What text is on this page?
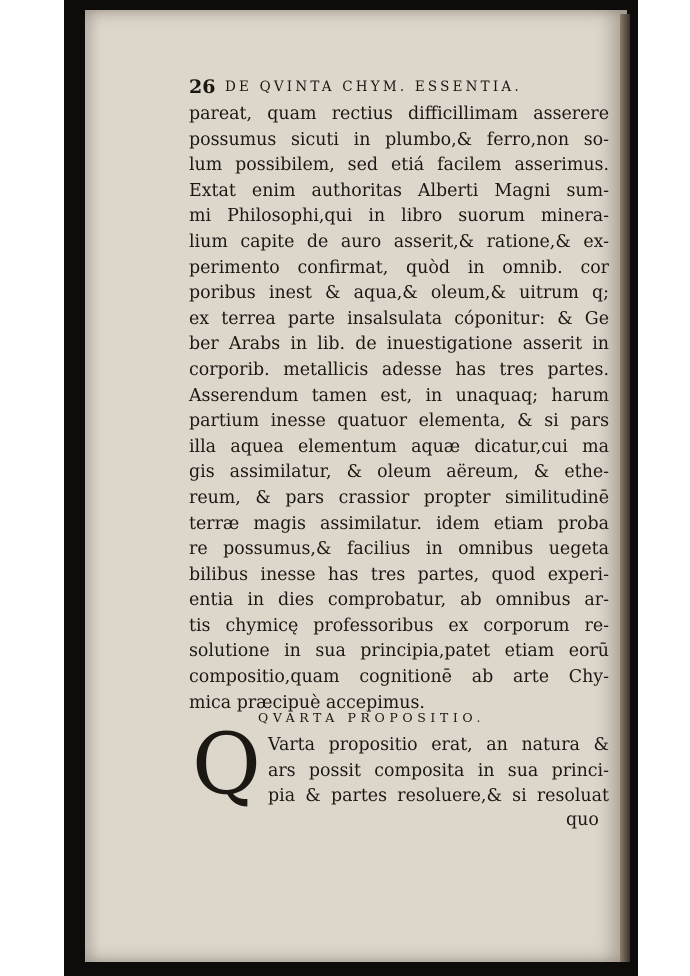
26 DE QVINTA CHYM. ESSENTIA.
pareat, quam rectius difficillimam asserere
possumus sicuti in plumbo,& ferro,non so-
lum possibilem, sed etiá facilem asserimus.
Extat enim authoritas Alberti Magni sum-
mi Philosophi,qui in libro suorum minera-
lium capite de auro asserit,& ratione,& ex-
perimento confirmat, quòd in omnib. cor
poribus inest & aqua,& oleum,& uitrum q;
ex terrea parte insalsulata cóponitur: & Ge
ber Arabs in lib. de inuestigatione asserit in
corporib. metallicis adesse has tres partes.
Asserendum tamen est, in unaquaq; harum
partium inesse quatuor elementa, & si pars
illa aquea elementum aquæ dicatur,cui ma
gis assimilatur, & oleum aëreum, & ethe-
reum, & pars crassior propter similitudinē
terræ magis assimilatur. idem etiam proba
re possumus,& facilius in omnibus uegeta
bilibus inesse has tres partes, quod experi-
entia in dies comprobatur, ab omnibus ar-
tis chymicę professoribus ex corporum re-
solutione in sua principia,patet etiam eorū
compositio,quam cognitionē ab arte Chy-
mica præcipuè accepimus.
QVARTA PROPOSITIO.
Q Varta propositio erat, an natura &
ars possit composita in sua princi-
pia & partes resoluere,& si resoluat
quo
